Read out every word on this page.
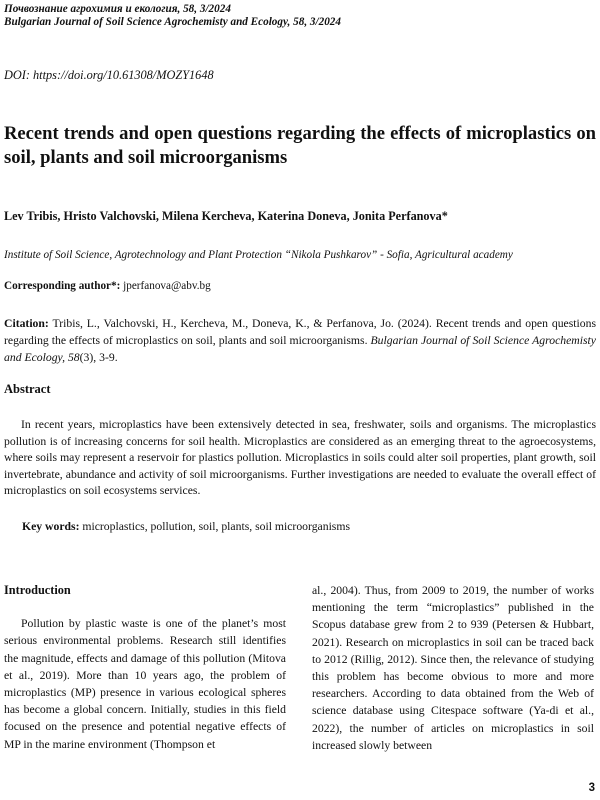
Почвознание агрохимия и екология, 58, 3/2024
Bulgarian Journal of Soil Science Agrochemisty and Ecology, 58, 3/2024
DOI: https://doi.org/10.61308/MOZY1648
Recent trends and open questions regarding the effects of microplastics on soil, plants and soil microorganisms
Lev Tribis, Hristo Valchovski, Milena Kercheva, Katerina Doneva, Jonita Perfanova*
Institute of Soil Science, Agrotechnology and Plant Protection “Nikola Pushkarov” - Sofia, Agricultural academy
Corresponding author*: jperfanova@abv.bg

Citation: Tribis, L., Valchovski, H., Kercheva, M., Doneva, K., & Perfanova, Jo. (2024). Recent trends and open questions regarding the effects of microplastics on soil, plants and soil microorganisms. Bulgarian Journal of Soil Science Agrochemisty and Ecology, 58(3), 3-9.

Abstract

In recent years, microplastics have been extensively detected in sea, freshwater, soils and organisms. The microplastics pollution is of increasing concerns for soil health. Microplastics are considered as an emerging threat to the agroecosystems, where soils may represent a reservoir for plastics pollution. Microplastics in soils could alter soil properties, plant growth, soil invertebrate, abundance and activity of soil microorganisms. Further investigations are needed to evaluate the overall effect of microplastics on soil ecosystems services.

Key words: microplastics, pollution, soil, plants, soil microorganisms
Introduction

Pollution by plastic waste is one of the planet’s most serious environmental problems. Research still identifies the magnitude, effects and damage of this pollution (Mitova et al., 2019). More than 10 years ago, the problem of microplastics (MP) presence in various ecological spheres has become a global concern. Initially, studies in this field focused on the presence and potential negative effects of MP in the marine environment (Thompson et

al., 2004). Thus, from 2009 to 2019, the number of works mentioning the term “microplastics” published in the Scopus database grew from 2 to 939 (Petersen & Hubbart, 2021). Research on microplastics in soil can be traced back to 2012 (Rillig, 2012). Since then, the relevance of studying this problem has become obvious to more and more researchers. According to data obtained from the Web of science database using Citespace software (Ya-di et al., 2022), the number of articles on microplastics in soil increased slowly between

3
